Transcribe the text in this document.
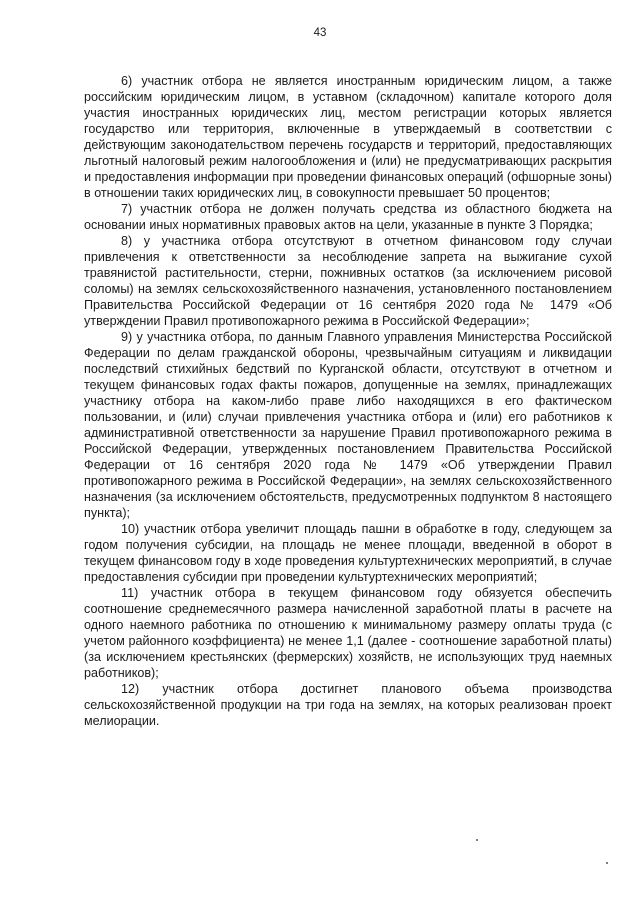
43

6) участник отбора не является иностранным юридическим лицом, а также российским юридическим лицом, в уставном (складочном) капитале которого доля участия иностранных юридических лиц, местом регистрации которых является государство или территория, включенные в утверждаемый в соответствии с действующим законодательством перечень государств и территорий, предоставляющих льготный налоговый режим налогообложения и (или) не предусматривающих раскрытия и предоставления информации при проведении финансовых операций (офшорные зоны) в отношении таких юридических лиц, в совокупности превышает 50 процентов;

7) участник отбора не должен получать средства из областного бюджета на основании иных нормативных правовых актов на цели, указанные в пункте 3 Порядка;

8) у участника отбора отсутствуют в отчетном финансовом году случаи привлечения к ответственности за несоблюдение запрета на выжигание сухой травянистой растительности, стерни, пожнивных остатков (за исключением рисовой соломы) на землях сельскохозяйственного назначения, установленного постановлением Правительства Российской Федерации от 16 сентября 2020 года № 1479 «Об утверждении Правил противопожарного режима в Российской Федерации»;

9) у участника отбора, по данным Главного управления Министерства Российской Федерации по делам гражданской обороны, чрезвычайным ситуациям и ликвидации последствий стихийных бедствий по Курганской области, отсутствуют в отчетном и текущем финансовых годах факты пожаров, допущенные на землях, принадлежащих участнику отбора на каком-либо праве либо находящихся в его фактическом пользовании, и (или) случаи привлечения участника отбора и (или) его работников к административной ответственности за нарушение Правил противопожарного режима в Российской Федерации, утвержденных постановлением Правительства Российской Федерации от 16 сентября 2020 года № 1479 «Об утверждении Правил противопожарного режима в Российской Федерации», на землях сельскохозяйственного назначения (за исключением обстоятельств, предусмотренных подпунктом 8 настоящего пункта);

10) участник отбора увеличит площадь пашни в обработке в году, следующем за годом получения субсидии, на площадь не менее площади, введенной в оборот в текущем финансовом году в ходе проведения культуртехнических мероприятий, в случае предоставления субсидии при проведении культуртехнических мероприятий;

11) участник отбора в текущем финансовом году обязуется обеспечить соотношение среднемесячного размера начисленной заработной платы в расчете на одного наемного работника по отношению к минимальному размеру оплаты труда (с учетом районного коэффициента) не менее 1,1 (далее - соотношение заработной платы) (за исключением крестьянских (фермерских) хозяйств, не использующих труд наемных работников);

12) участник отбора достигнет планового объема производства сельскохозяйственной продукции на три года на землях, на которых реализован проект мелиорации.
